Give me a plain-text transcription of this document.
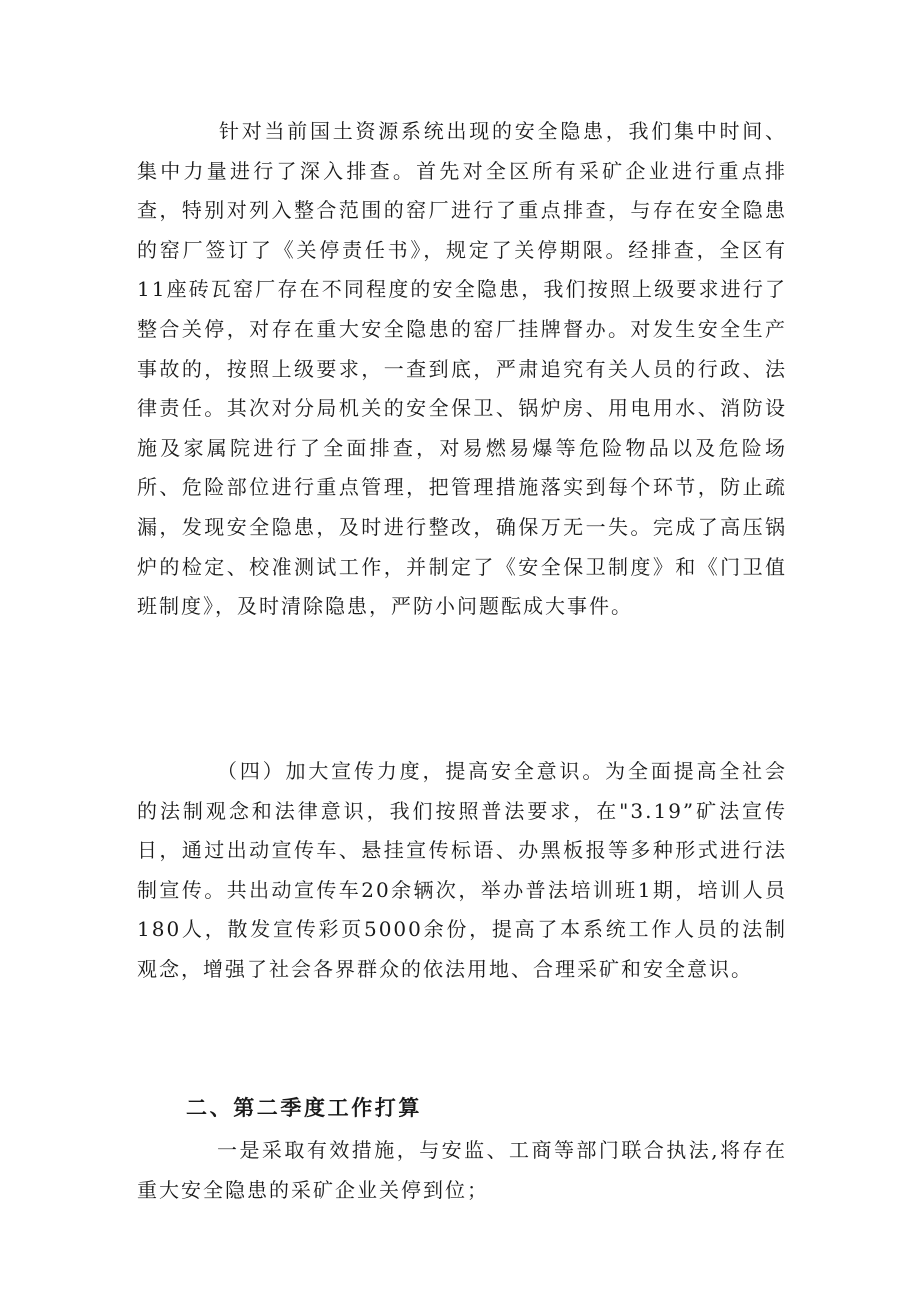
针对当前国土资源系统出现的安全隐患，我们集中时间、集中力量进行了深入排查。首先对全区所有采矿企业进行重点排查，特别对列入整合范围的窑厂进行了重点排查，与存在安全隐患的窑厂签订了《关停责任书》，规定了关停期限。经排查，全区有11座砖瓦窑厂存在不同程度的安全隐患，我们按照上级要求进行了整合关停，对存在重大安全隐患的窑厂挂牌督办。对发生安全生产事故的，按照上级要求，一查到底，严肃追究有关人员的行政、法律责任。其次对分局机关的安全保卫、锅炉房、用电用水、消防设施及家属院进行了全面排查，对易燃易爆等危险物品以及危险场所、危险部位进行重点管理，把管理措施落实到每个环节，防止疏漏，发现安全隐患，及时进行整改，确保万无一失。完成了高压锅炉的检定、校准测试工作，并制定了《安全保卫制度》和《门卫值班制度》，及时清除隐患，严防小问题酝成大事件。

（四）加大宣传力度，提高安全意识。为全面提高全社会的法制观念和法律意识，我们按照普法要求，在"3.19”矿法宣传日，通过出动宣传车、悬挂宣传标语、办黑板报等多种形式进行法制宣传。共出动宣传车20余辆次，举办普法培训班1期，培训人员180人，散发宣传彩页5000余份，提高了本系统工作人员的法制观念，增强了社会各界群众的依法用地、合理采矿和安全意识。

二、第二季度工作打算

一是采取有效措施，与安监、工商等部门联合执法,将存在重大安全隐患的采矿企业关停到位；
